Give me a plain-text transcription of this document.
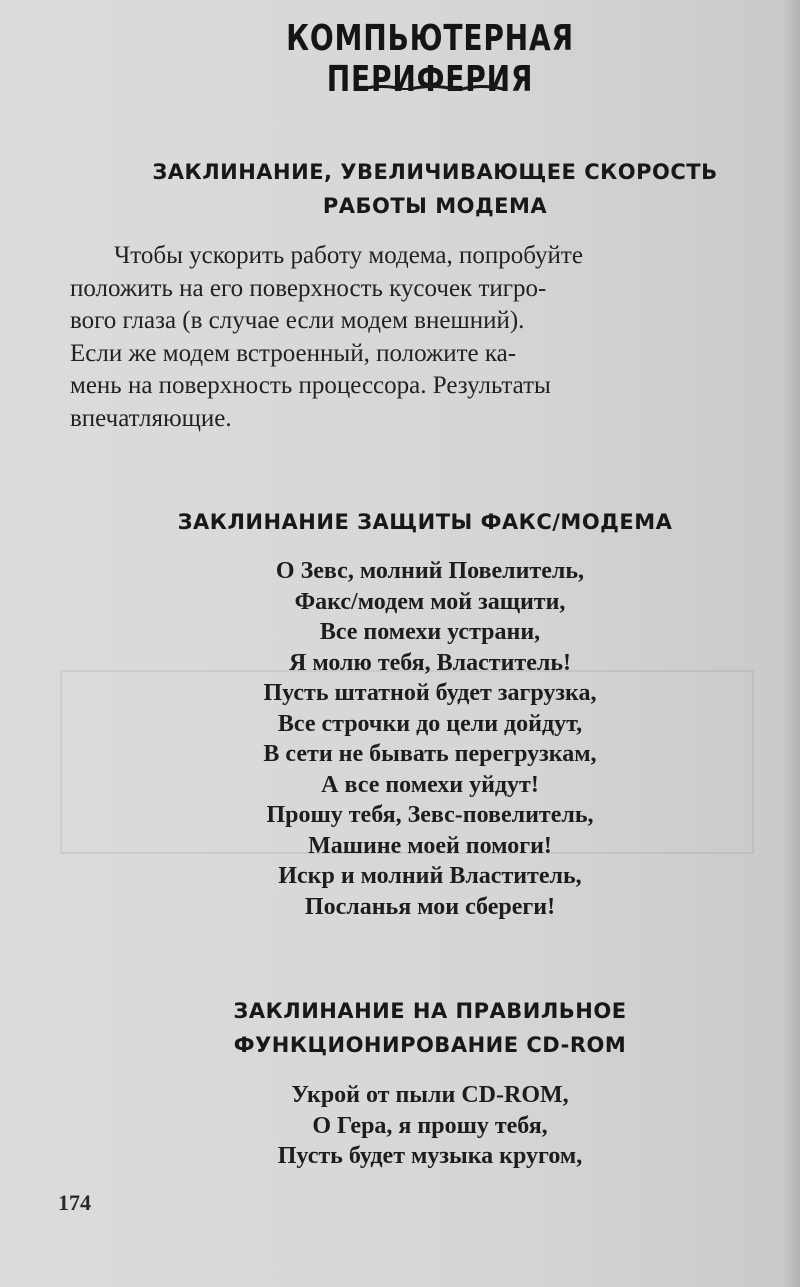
КОМПЬЮТЕРНАЯ ПЕРИФЕРИЯ
ЗАКЛИНАНИЕ, УВЕЛИЧИВАЮЩЕЕ СКОРОСТЬ
РАБОТЫ МОДЕМА
Чтобы ускорить работу модема, попробуйте
положить на его поверхность кусочек тигро-
вого глаза (в случае если модем внешний).
Если же модем встроенный, положите ка-
мень на поверхность процессора. Результаты
впечатляющие.
ЗАКЛИНАНИЕ ЗАЩИТЫ ФАКС/МОДЕМА
О Зевс, молний Повелитель,
Факс/модем мой защити,
Все помехи устрани,
Я молю тебя, Властитель!
Пусть штатной будет загрузка,
Все строчки до цели дойдут,
В сети не бывать перегрузкам,
А все помехи уйдут!
Прошу тебя, Зевс-повелитель,
Машине моей помоги!
Искр и молний Властитель,
Посланья мои сбереги!
ЗАКЛИНАНИЕ НА ПРАВИЛЬНОЕ
ФУНКЦИОНИРОВАНИЕ CD-ROM
Укрой от пыли CD-ROM,
О Гера, я прошу тебя,
Пусть будет музыка кругом,
174
